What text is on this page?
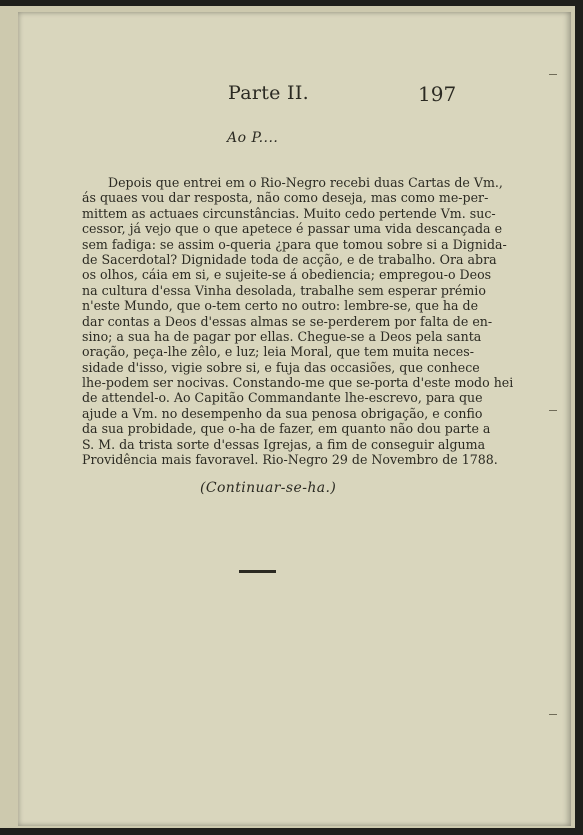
Parte II.	197
Ao P....
Depois que entrei em o Rio-Negro recebi duas Cartas de Vm.,
ás quaes vou dar resposta, não como deseja, mas como me-per-
mittem as actuaes circunstâncias. Muito cedo pertende Vm. suc-
cessor, já vejo que o que apetece é passar uma vida descançada e
sem fadiga: se assim o-queria ¿para que tomou sobre si a Dignida-
de Sacerdotal? Dignidade toda de acção, e de trabalho. Ora abra
os olhos, cáia em si, e sujeite-se á obediencia; empregou-o Deos
na cultura d'essa Vinha desolada, trabalhe sem esperar prémio
n'este Mundo, que o-tem certo no outro: lembre-se, que ha de
dar contas a Deos d'essas almas se se-perderem por falta de en-
sino; a sua ha de pagar por ellas. Chegue-se a Deos pela santa
oração, peça-lhe zêlo, e luz; leia Moral, que tem muita neces-
sidade d'isso, vigie sobre si, e fuja das occasiões, que conhece
lhe-podem ser nocivas. Constando-me que se-porta d'este modo hei
de attendel-o. Ao Capitão Commandante lhe-escrevo, para que
ajude a Vm. no desempenho da sua penosa obrigação, e confio
da sua probidade, que o-ha de fazer, em quanto não dou parte a
S. M. da trista sorte d'essas Igrejas, a fim de conseguir alguma
Providência mais favoravel. Rio-Negro 29 de Novembro de 1788.
(Continuar-se-ha.)
